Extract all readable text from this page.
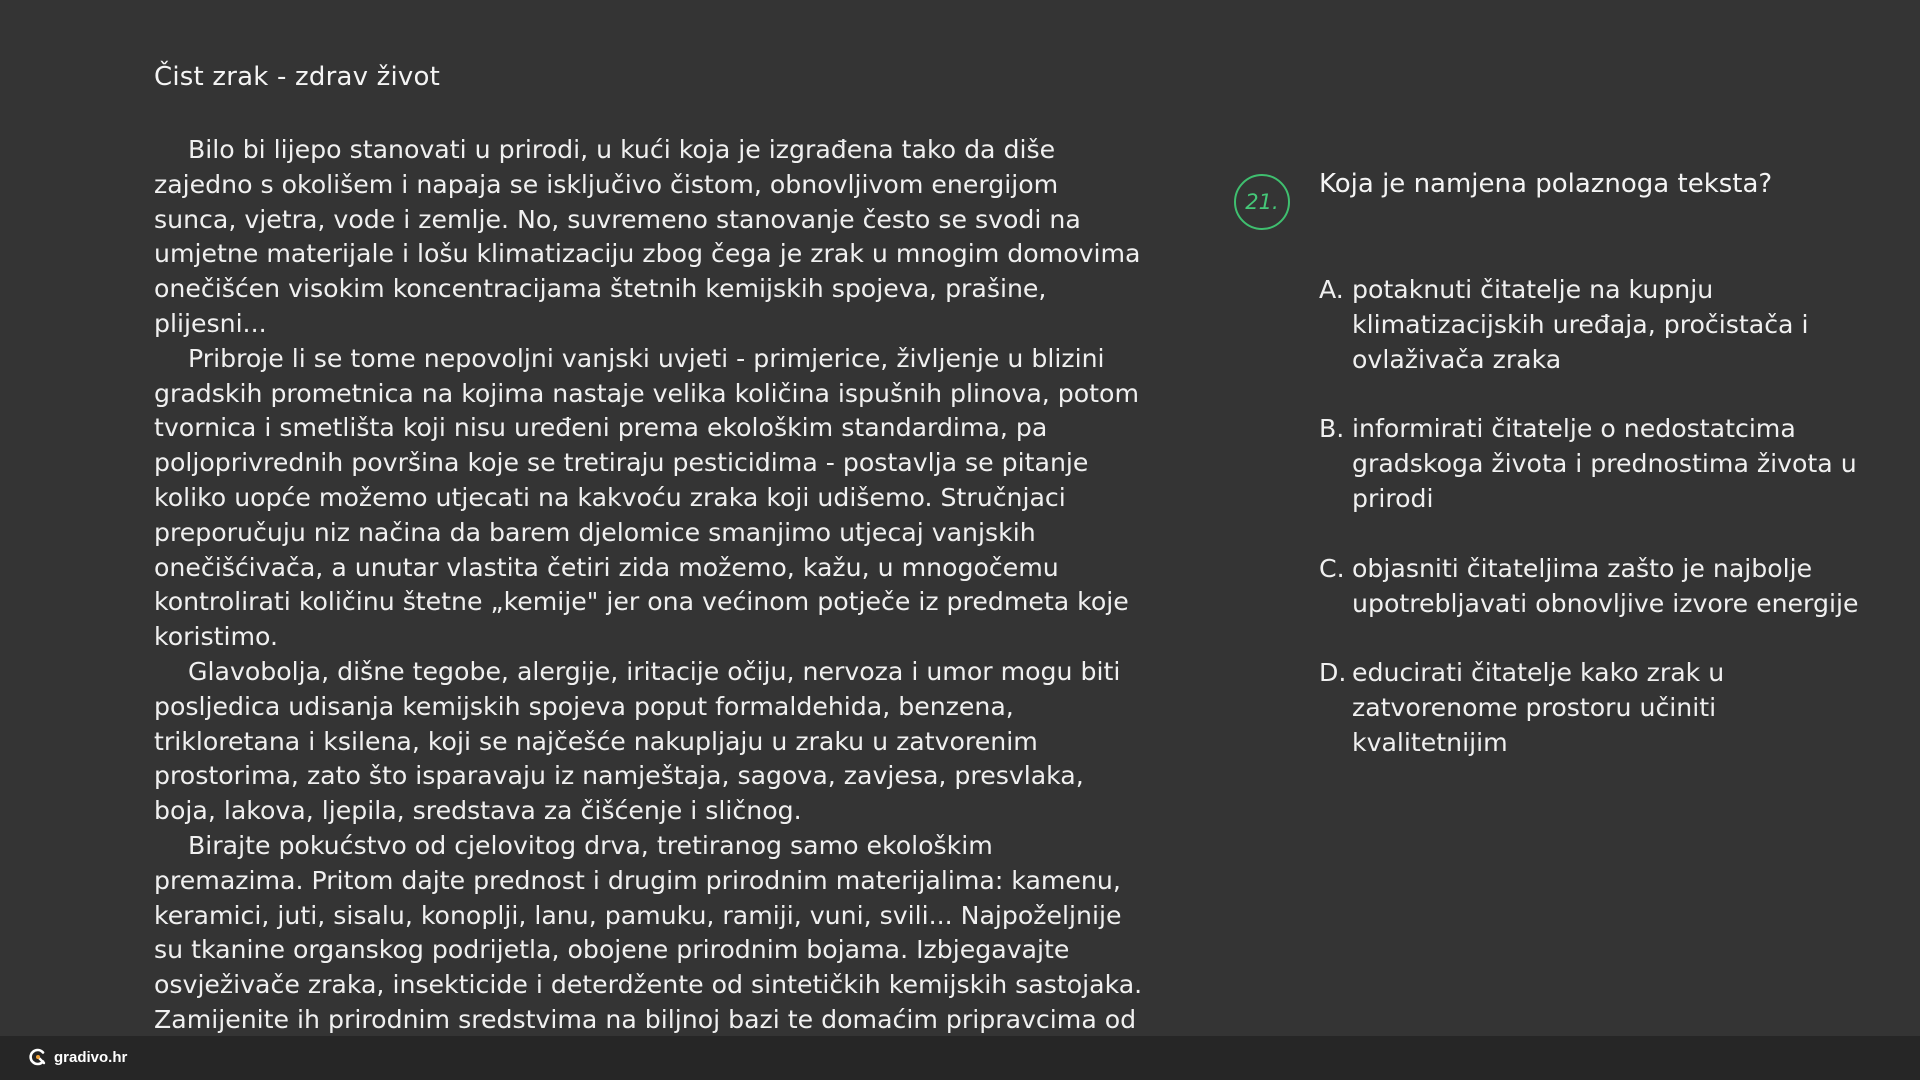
Čist zrak - zdrav život

Bilo bi lijepo stanovati u prirodi, u kući koja je izgrađena tako da diše zajedno s okolišem i napaja se isključivo čistom, obnovljivom energijom sunca, vjetra, vode i zemlje. No, suvremeno stanovanje često se svodi na umjetne materijale i lošu klimatizaciju zbog čega je zrak u mnogim domovima onečišćen visokim koncentracijama štetnih kemijskih spojeva, prašine, plijesni...

Pribroje li se tome nepovoljni vanjski uvjeti - primjerice, življenje u blizini gradskih prometnica na kojima nastaje velika količina ispušnih plinova, potom tvornica i smetlišta koji nisu uređeni prema ekološkim standardima, pa poljoprivrednih površina koje se tretiraju pesticidima - postavlja se pitanje koliko uopće možemo utjecati na kakvoću zraka koji udišemo. Stručnjaci preporučuju niz načina da barem djelomice smanjimo utjecaj vanjskih onečišćivača, a unutar vlastita četiri zida možemo, kažu, u mnogočemu kontrolirati količinu štetne „kemije" jer ona većinom potječe iz predmeta koje koristimo.

Glavobolja, dišne tegobe, alergije, iritacije očiju, nervoza i umor mogu biti posljedica udisanja kemijskih spojeva poput formaldehida, benzena, trikloretana i ksilena, koji se najčešće nakupljaju u zraku u zatvorenim prostorima, zato što isparavaju iz namještaja, sagova, zavjesa, presvlaka, boja, lakova, ljepila, sredstava za čišćenje i sličnog.

Birajte pokućstvo od cjelovitog drva, tretiranog samo ekološkim premazima. Pritom dajte prednost i drugim prirodnim materijalima: kamenu, keramici, juti, sisalu, konoplji, lanu, pamuku, ramiji, vuni, svili... Najpoželjnije su tkanine organskog podrijetla, obojene prirodnim bojama. Izbjegavajte osvježivače zraka, insekticide i deterdžente od sintetičkih kemijskih sastojaka. Zamijenite ih prirodnim sredstvima na biljnoj bazi te domaćim pripravcima od

21.
Koja je namjena polaznoga teksta?
A. potaknuti čitatelje na kupnju klimatizacijskih uređaja, pročistača i ovlaživača zraka
B. informirati čitatelje o nedostatcima gradskoga života i prednostima života u prirodi
C. objasniti čitateljima zašto je najbolje upotrebljavati obnovljive izvore energije
D. educirati čitatelje kako zrak u zatvorenome prostoru učiniti kvalitetnijim
gradivo.hr
